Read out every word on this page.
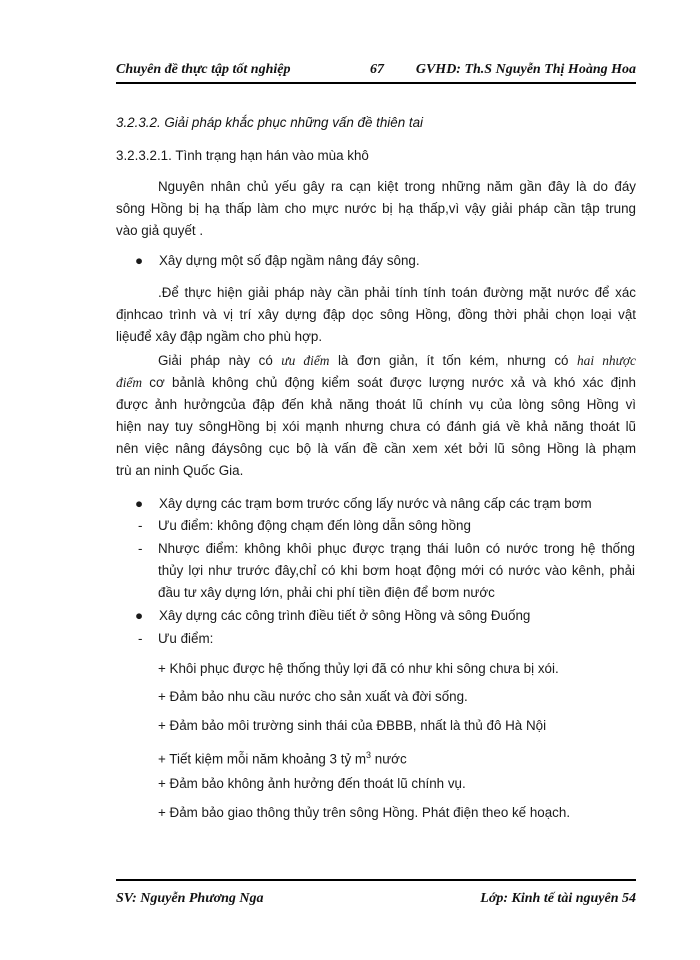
Chuyên đề thực tập tốt nghiệp	67 GVHD: Th.S Nguyễn Thị Hoàng Hoa
3.2.3.2. Giải pháp khắc phục những vấn đề thiên tai
3.2.3.2.1. Tình trạng hạn hán vào mùa khô
Nguyên nhân chủ yếu gây ra cạn kiệt trong những năm gần đây là do đáy
sông Hồng bị hạ thấp làm cho mực nước bị hạ thấp,vì vậy giải pháp cần tập trung
vào giả quyết .
●	Xây dựng một số đập ngầm nâng đáy sông.
.Để thực hiện giải pháp này cần phải tính tính toán đường mặt nước để xác
địnhcao trình và vị trí xây dựng đập dọc sông Hồng, đồng thời phải chọn loại vật
liệuđể xây đập ngầm cho phù hợp.
Giải pháp này có ưu điểm là đơn giản, ít tốn kém, nhưng có hai nhược
điểm cơ bảnlà không chủ động kiểm soát được lượng nước xả và khó xác định
được ảnh hưởngcủa đập đến khả năng thoát lũ chính vụ của lòng sông Hồng vì
hiện nay tuy sôngHồng bị xói mạnh nhưng chưa có đánh giá về khả năng thoát lũ
nên việc nâng đáysông cục bộ là vấn đề cần xem xét bởi lũ sông Hồng là phạm
trù an ninh Quốc Gia.
●	Xây dựng các trạm bơm trước cống lấy nước và nâng cấp các trạm bơm
- Ưu điểm: không động chạm đến lòng dẫn sông hồng
- Nhược điểm: không khôi phục được trạng thái luôn có nước trong hệ thống
thủy lợi như trước đây,chỉ có khi bơm hoạt động mới có nước vào kênh, phải
đầu tư xây dựng lớn, phải chi phí tiền điện để bơm nước
●	Xây dựng các công trình điều tiết ở sông Hồng và sông Đuống
- Ưu điểm:
+ Khôi phục được hệ thống thủy lợi đã có như khi sông chưa bị xói.
+ Đảm bảo nhu cầu nước cho sản xuất và đời sống.
+ Đảm bảo môi trường sinh thái của ĐBBB, nhất là thủ đô Hà Nội
+ Tiết kiệm mỗi năm khoảng 3 tỷ $m^3$ nước
+ Đảm bảo không ảnh hưởng đến thoát lũ chính vụ.
+ Đảm bảo giao thông thủy trên sông Hồng. Phát điện theo kế hoạch.
SV: Nguyễn Phương Nga	Lớp: Kinh tế tài nguyên 54
